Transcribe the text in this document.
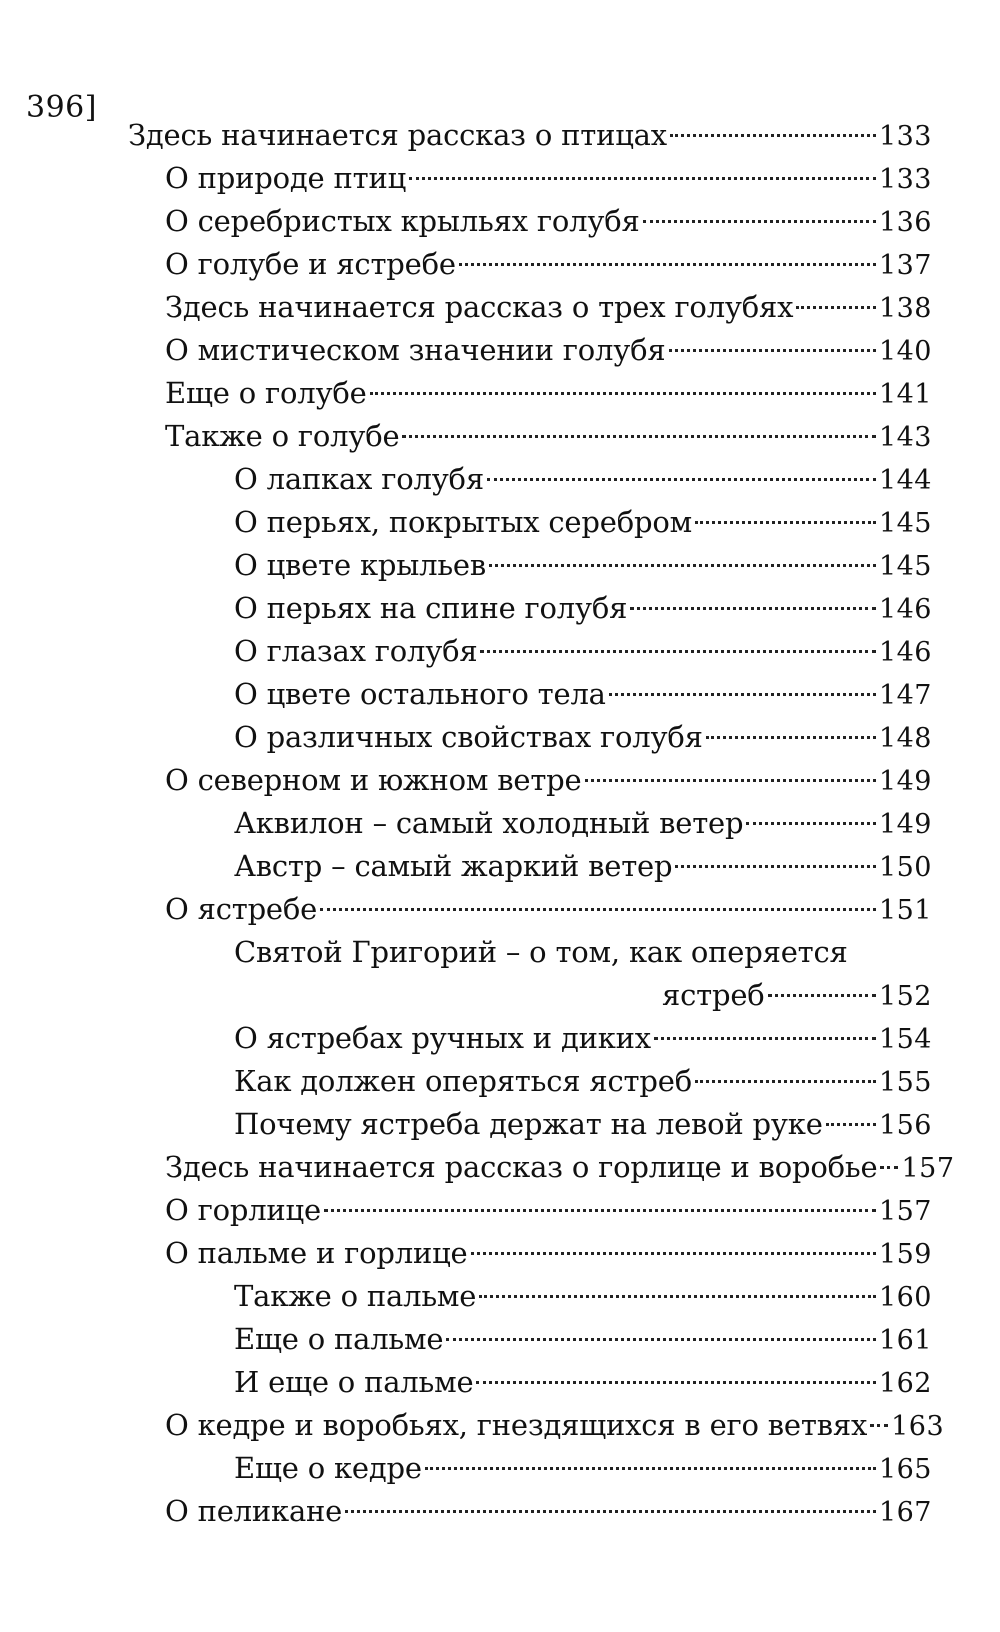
396]
Здесь начинается рассказ о птицах	133
О природе птиц	133
О серебристых крыльях голубя	136
О голубе и ястребе	137
Здесь начинается рассказ о трех голубях	138
О мистическом значении голубя	140
Еще о голубе	141
Также о голубе	143
О лапках голубя	144
О перьях, покрытых серебром	145
О цвете крыльев	145
О перьях на спине голубя	146
О глазах голубя	146
О цвете остального тела	147
О различных свойствах голубя	148
О северном и южном ветре	149
Аквилон – самый холодный ветер	149
Австр – самый жаркий ветер	150
О ястребе	151
Святой Григорий – о том, как оперяется
ястреб	152
О ястребах ручных и диких	154
Как должен оперяться ястреб	155
Почему ястреба держат на левой руке 156
Здесь начинается рассказ о горлице и воробье 157
О горлице	157
О пальме и горлице	159
Также о пальме	160
Еще о пальме	161
И еще о пальме	162
О кедре и воробьях, гнездящихся в его ветвях 163
Еще о кедре	165
О пеликане	167
